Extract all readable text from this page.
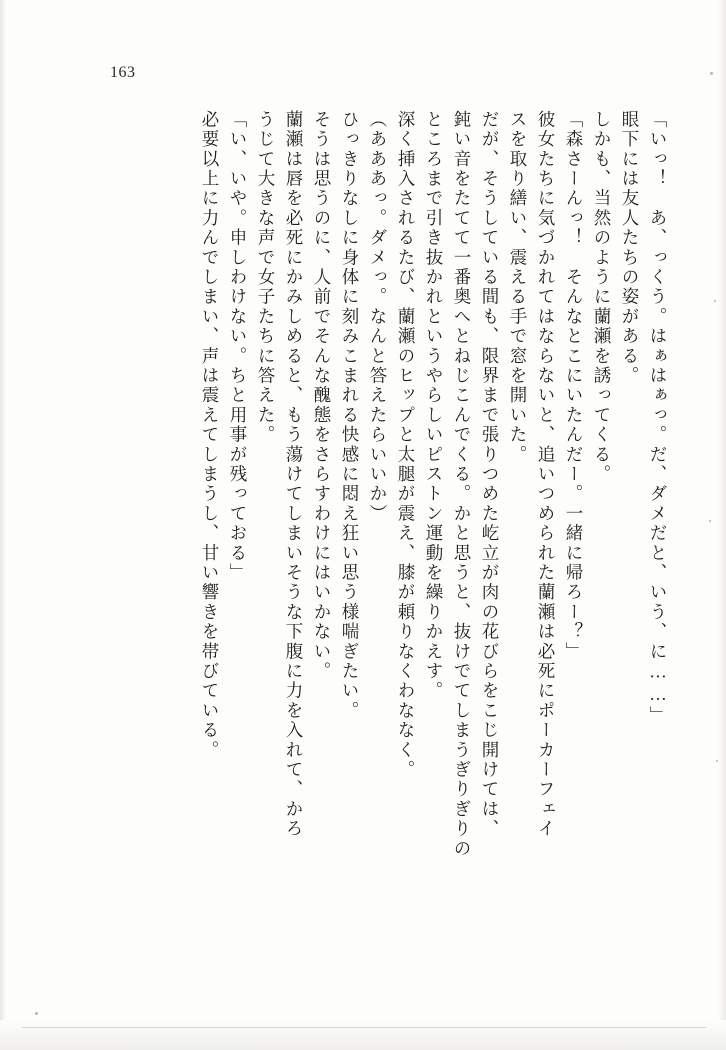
163
「いっ！　あ、っくう。はぁはぁっ。だ、ダメだと、いう、に……」
眼下には友人たちの姿がある。
しかも、当然のように蘭瀬を誘ってくる。
「森さーんっ！　そんなとこにいたんだー。一緒に帰ろー？」
彼女たちに気づかれてはならないと、追いつめられた蘭瀬は必死にポーカーフェイ
スを取り繕い、震える手で窓を開いた。
だが、そうしている間も、限界まで張りつめた屹立が肉の花びらをこじ開けては、
鈍い音をたてて一番奥へとねじこんでくる。かと思うと、抜けでてしまうぎりぎりの
ところまで引き抜かれというやらしいピストン運動を繰りかえす。
深く挿入されるたび、蘭瀬のヒップと太腿が震え、膝が頼りなくわななく。
（あああっ。ダメっ。なんと答えたらいいか）
ひっきりなしに身体に刻みこまれる快感に悶え狂い思う様喘ぎたい。
そうは思うのに、人前でそんな醜態をさらすわけにはいかない。
蘭瀬は唇を必死にかみしめると、もう蕩けてしまいそうな下腹に力を入れて、かろ
うじて大きな声で女子たちに答えた。
「い、いや。申しわけない。ちと用事が残っておる」
必要以上に力んでしまい、声は震えてしまうし、甘い響きを帯びている。
